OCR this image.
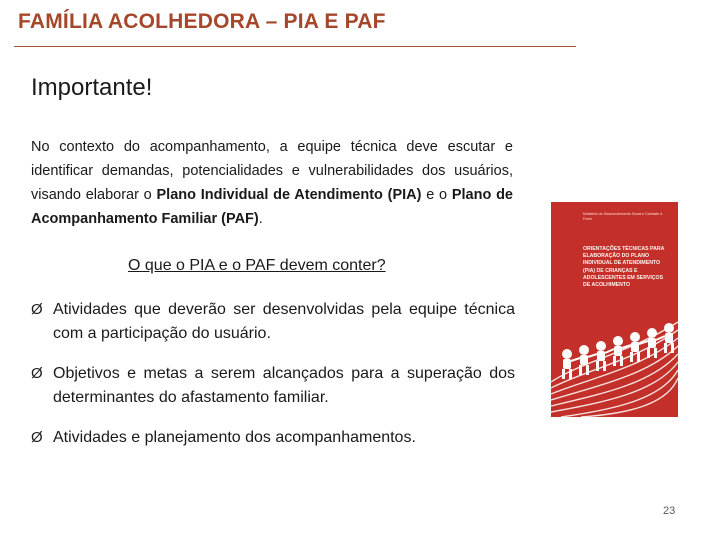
FAMÍLIA ACOLHEDORA – PIA E PAF
Importante!
No contexto do acompanhamento, a equipe técnica deve escutar e identificar demandas, potencialidades e vulnerabilidades dos usuários, visando elaborar o Plano Individual de Atendimento (PIA) e o Plano de Acompanhamento Familiar (PAF).
O que o PIA e o PAF devem conter?
Ø Atividades que deverão ser desenvolvidas pela equipe técnica com a participação do usuário.
Ø Objetivos e metas a serem alcançados para a superação dos determinantes do afastamento familiar.
Ø Atividades e planejamento dos acompanhamentos.
Ministério do Desenvolvimento Social e Combate à Fome
ORIENTAÇÕES TÉCNICAS PARA ELABORAÇÃO DO PLANO INDIVIDUAL DE ATENDIMENTO (PIA) DE CRIANÇAS E ADOLESCENTES EM SERVIÇOS DE ACOLHIMENTO
23
